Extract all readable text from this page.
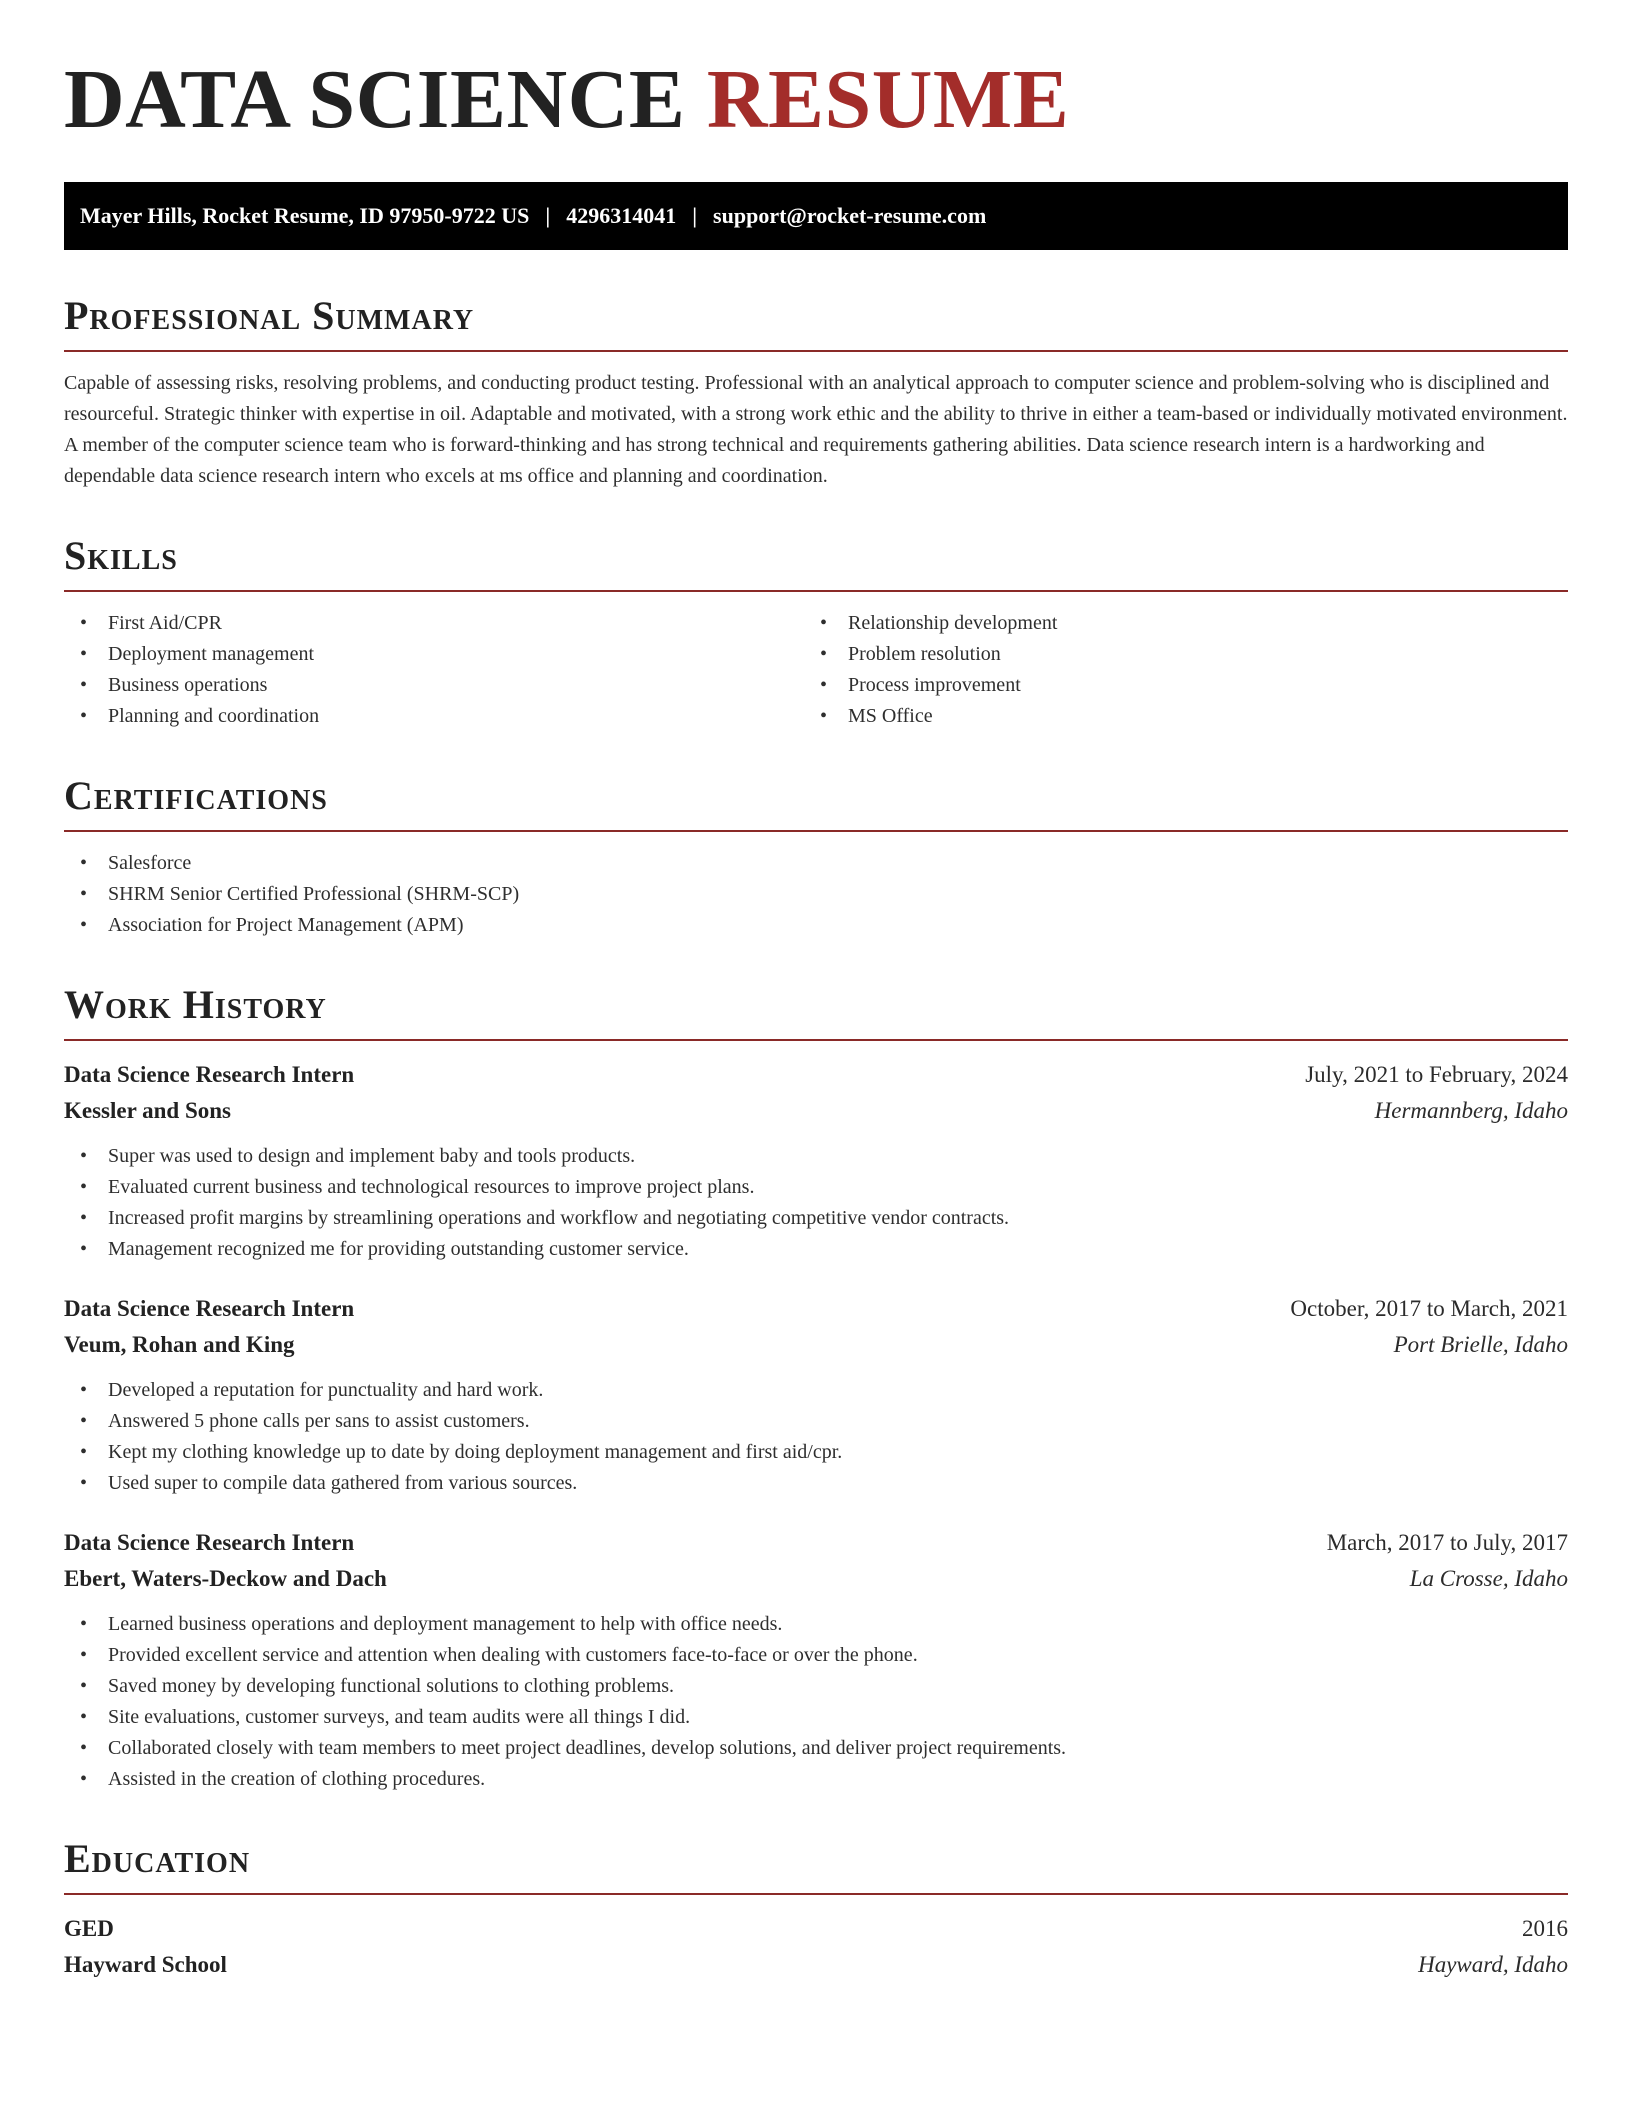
DATA SCIENCE RESUME
Mayer Hills, Rocket Resume, ID 97950-9722 US | 4296314041 | support@rocket-resume.com
Professional Summary

Capable of assessing risks, resolving problems, and conducting product testing. Professional with an analytical approach to computer science and problem-solving who is disciplined and resourceful. Strategic thinker with expertise in oil. Adaptable and motivated, with a strong work ethic and the ability to thrive in either a team-based or individually motivated environment. A member of the computer science team who is forward-thinking and has strong technical and requirements gathering abilities. Data science research intern is a hardworking and dependable data science research intern who excels at ms office and planning and coordination.

Skills
• First Aid/CPR
• Deployment management
• Business operations
• Planning and coordination
• Relationship development
• Problem resolution
• Process improvement
• MS Office
Certifications
• Salesforce
• SHRM Senior Certified Professional (SHRM-SCP)
• Association for Project Management (APM)
Work History
Data Science Research Intern	July, 2021 to February, 2024
Kessler and Sons	Hermannberg, Idaho
• Super was used to design and implement baby and tools products.
• Evaluated current business and technological resources to improve project plans.
• Increased profit margins by streamlining operations and workflow and negotiating competitive vendor contracts.
• Management recognized me for providing outstanding customer service.
Data Science Research Intern	October, 2017 to March, 2021
Veum, Rohan and King	Port Brielle, Idaho
• Developed a reputation for punctuality and hard work.
• Answered 5 phone calls per sans to assist customers.
• Kept my clothing knowledge up to date by doing deployment management and first aid/cpr.
• Used super to compile data gathered from various sources.
Data Science Research Intern	March, 2017 to July, 2017
Ebert, Waters-Deckow and Dach	La Crosse, Idaho
• Learned business operations and deployment management to help with office needs.
• Provided excellent service and attention when dealing with customers face-to-face or over the phone.
• Saved money by developing functional solutions to clothing problems.
• Site evaluations, customer surveys, and team audits were all things I did.
• Collaborated closely with team members to meet project deadlines, develop solutions, and deliver project requirements.
• Assisted in the creation of clothing procedures.
Education
GED	2016
Hayward School	Hayward, Idaho
